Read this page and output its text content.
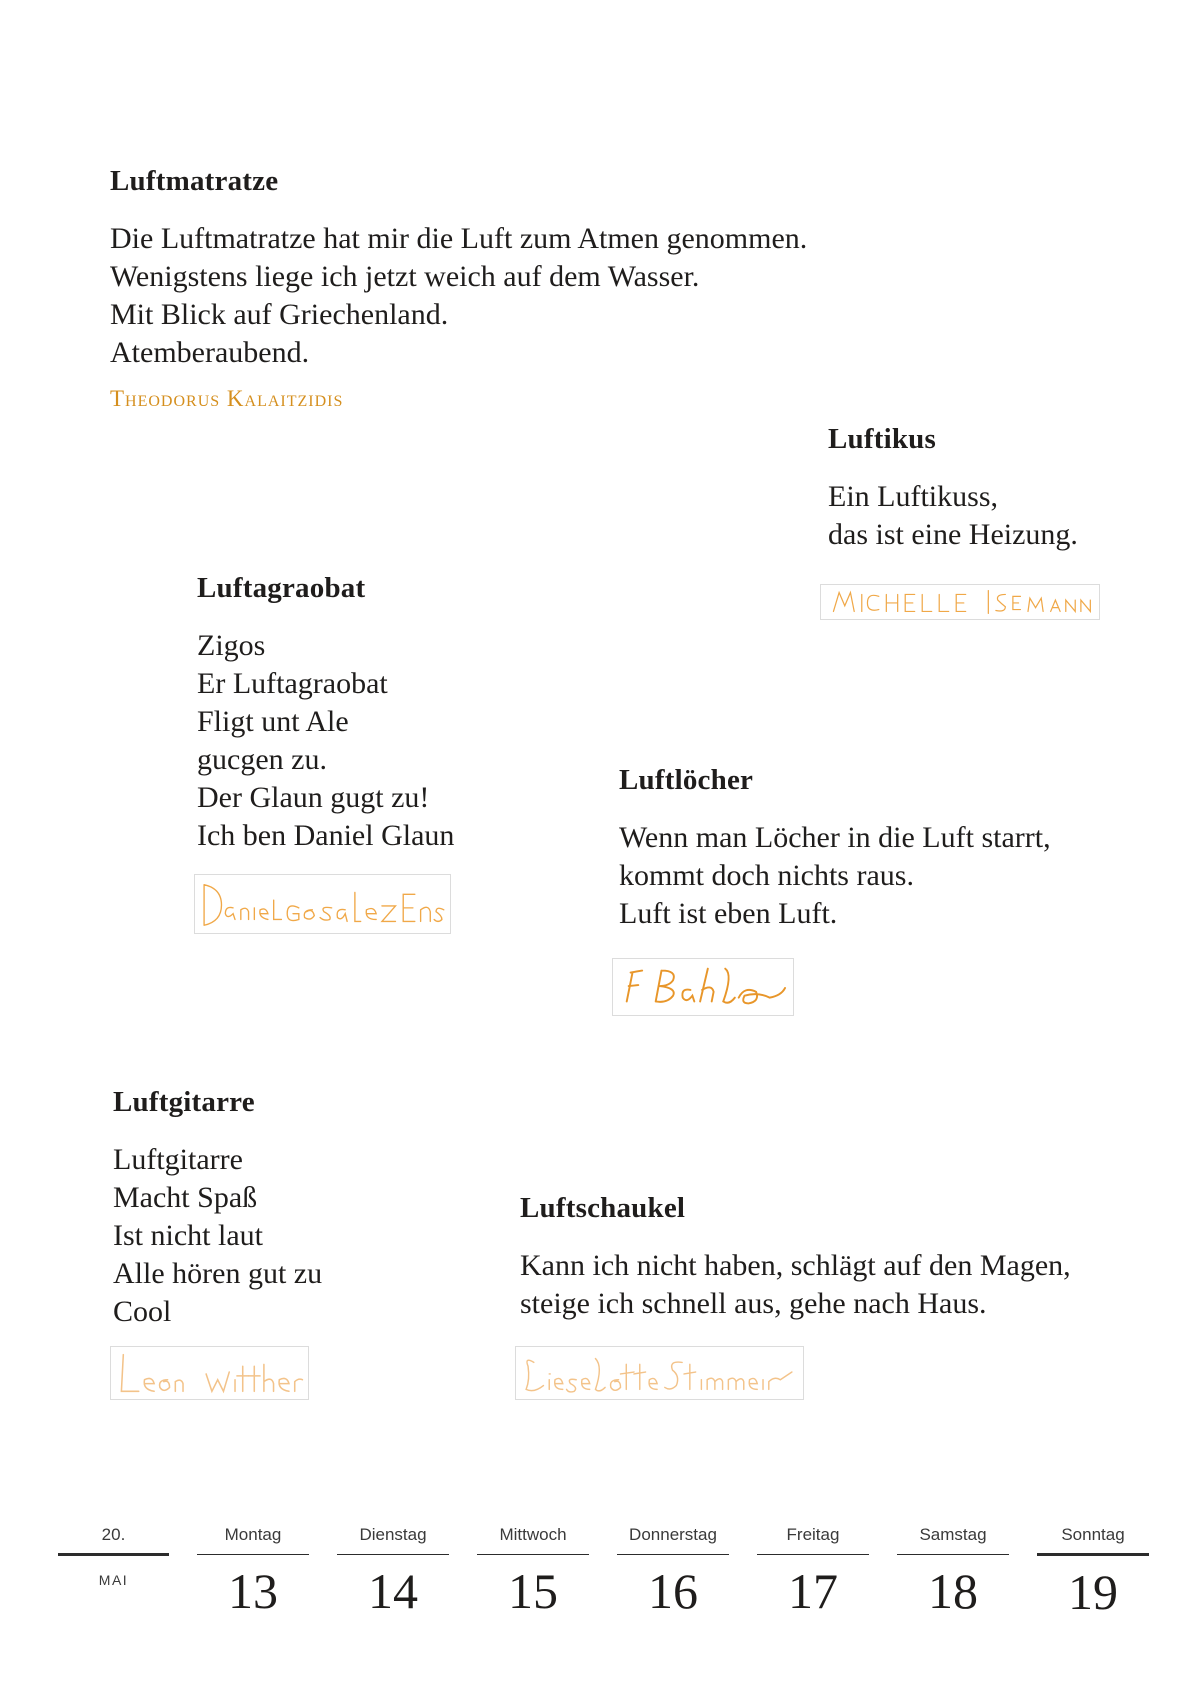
Luftmatratze
Die Luftmatratze hat mir die Luft zum Atmen genommen.
Wenigstens liege ich jetzt weich auf dem Wasser.
Mit Blick auf Griechenland.
Atemberaubend.
Theodorus Kalaitzidis
Luftikus
Ein Luftikuss,
das ist eine Heizung.
Luftagraobat
Zigos
Er Luftagraobat
Fligt unt Ale
gucgen zu.
Der Glaun gugt zu!
Ich ben Daniel Glaun
Luftlöcher
Wenn man Löcher in die Luft starrt,
kommt doch nichts raus.
Luft ist eben Luft.
Luftgitarre
Luftgitarre
Macht Spaß
Ist nicht laut
Alle hören gut zu
Cool
Luftschaukel
Kann ich nicht haben, schlägt auf den Magen,
steige ich schnell aus, gehe nach Haus.
20.
MAI
Montag
13
Dienstag
14
Mittwoch
15
Donnerstag
16
Freitag
17
Samstag
18
Sonntag
19
